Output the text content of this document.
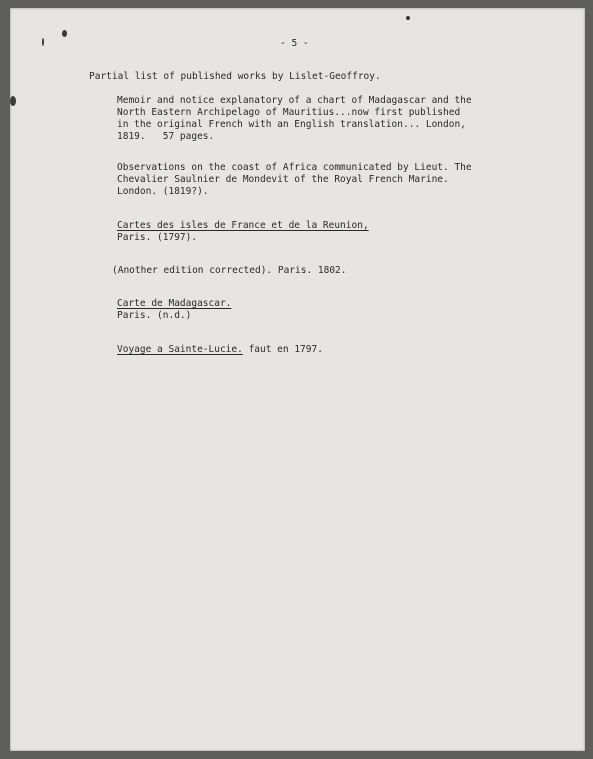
- 5 -
Partial list of published works by Lislet-Geoffroy.
Memoir and notice explanatory of a chart of Madagascar and the
North Eastern Archipelago of Mauritius...now first published
in the original French with an English translation... London,
1819.   57 pages.
Observations on the coast of Africa communicated by Lieut. The
Chevalier Saulnier de Mondevit of the Royal French Marine.
London. (1819?).
Cartes des isles de France et de la Reunion,
Paris. (1797).
(Another edition corrected). Paris. 1802.
Carte de Madagascar.
Paris. (n.d.)
Voyage a Sainte-Lucie. faut en 1797.
